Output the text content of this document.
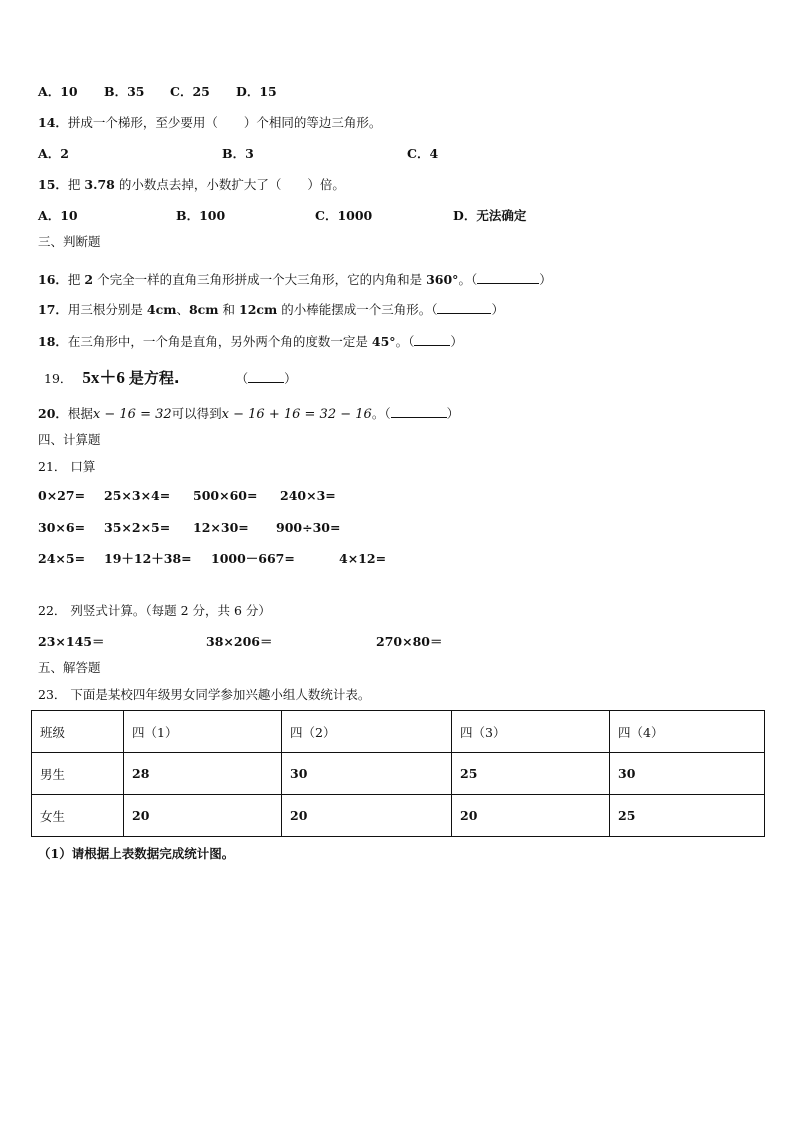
A．10 B．35 C．25 D．15
14．拼成一个梯形，至少要用（ ）个相同的等边三角形。
A．2	B．3	C．4
15．把 3.78 的小数点去掉，小数扩大了（ ）倍。
A．10	B．100	C．1000	D．无法确定
三、判断题
16．把 2 个完全一样的直角三角形拼成一个大三角形，它的内角和是 360°。（	）
17．用三根分别是 4cm、8cm 和 12cm 的小棒能摆成一个三角形。（	）
18．在三角形中，一个角是直角，另外两个角的度数一定是 45°。（	）
19． 5x＋6 是方程.	（	）
20．根据x − 16 = 32可以得到x − 16 + 16 = 32 − 16。（	）
四、计算题
21． 口算
0×27= 25×3×4= 500×60= 240×3=
30×6= 35×2×5= 12×30= 900÷30=
24×5= 19＋12＋38= 1000－667=	4×12=
22． 列竖式计算。（每题 2 分，共 6 分）
23×145＝	38×206＝	270×80＝
五、解答题
23． 下面是某校四年级男女同学参加兴趣小组人数统计表。
班级	四（1）	四（2）	四（3）	四（4）
男生	28	30	25	30
女生	20	20	20	25
（1）请根据上表数据完成统计图。
